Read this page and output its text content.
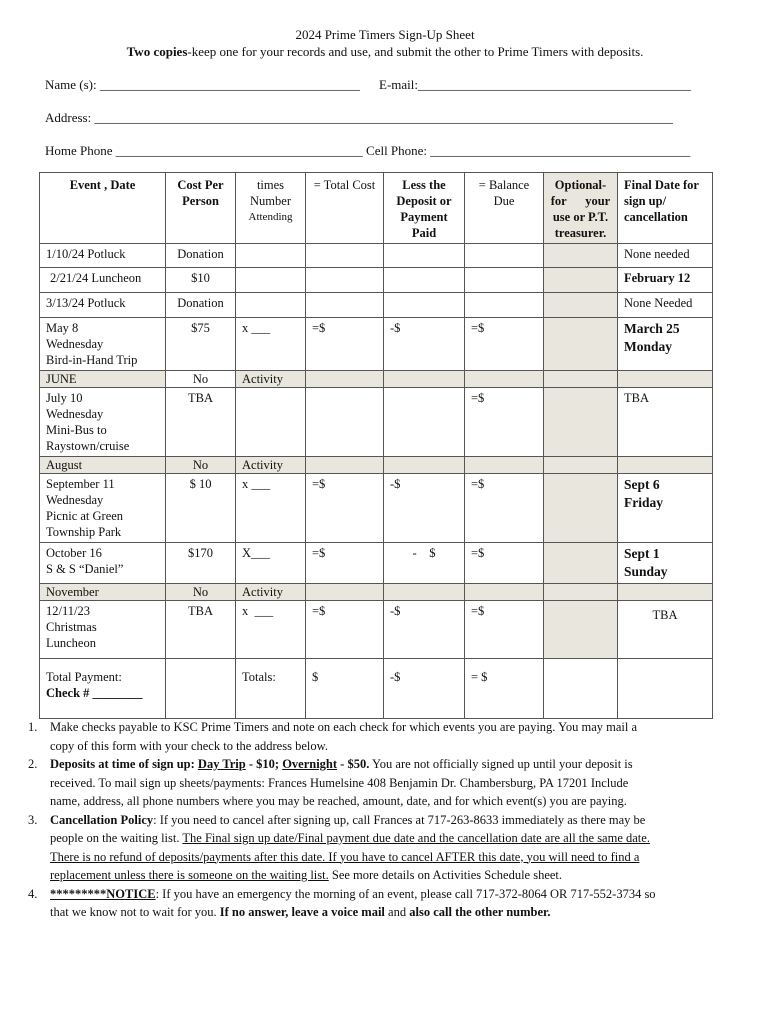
2024 Prime Timers Sign-Up Sheet
Two copies-keep one for your records and use, and submit the other to Prime Timers with deposits.
Name (s): ________________________________________ E-mail:__________________________________________
Address: _________________________________________________________________________________________
Home Phone ______________________________________ Cell Phone: ________________________________________
Event , Date	Cost Per Person	times
Number
Attending	= Total Cost	Less the Deposit or Payment Paid	= Balance Due	Optional-
for      your
use or P.T.
treasurer.	Final Date for sign up/ cancellation
1/10/24 Potluck	Donation						None needed
2/21/24 Luncheon	$10						February 12
3/13/24 Potluck	Donation						None Needed

May 8
Wednesday
Bird-in-Hand Trip	$75	x ___	=$	-$	=$		March 25
Monday

JUNE	No	Activity					

July 10
Wednesday
Mini-Bus to
Raystown/cruise	TBA				=$		TBA
August	No	Activity					

September 11
Wednesday
Picnic at Green
Township Park	$ 10	x ___	=$	-$	=$		Sept 6
Friday

October 16
S & S “Daniel”	$170	X___	=$	-    $	=$		Sept 1
Sunday

November	No	Activity					

12/11/23
Christmas
Luncheon	TBA	x  ___	=$	-$	=$		TBA

Total Payment:
Check # ________		Totals:	$	-$	= $		
1. Make checks payable to KSC Prime Timers and note on each check for which events you are paying. You may mail a
copy of this form with your check to the address below.
2. Deposits at time of sign up: Day Trip - $10; Overnight - $50. You are not officially signed up until your deposit is
received. To mail sign up sheets/payments: Frances Humelsine 408 Benjamin Dr. Chambersburg, PA 17201 Include
name, address, all phone numbers where you may be reached, amount, date, and for which event(s) you are paying.
3. Cancellation Policy: If you need to cancel after signing up, call Frances at 717-263-8633 immediately as there may be
people on the waiting list. The Final sign up date/Final payment due date and the cancellation date are all the same date.
There is no refund of deposits/payments after this date. If you have to cancel AFTER this date, you will need to find a
replacement unless there is someone on the waiting list. See more details on Activities Schedule sheet.
4. *********NOTICE: If you have an emergency the morning of an event, please call 717-372-8064 OR 717-552-3734 so
that we know not to wait for you. If no answer, leave a voice mail and also call the other number.
